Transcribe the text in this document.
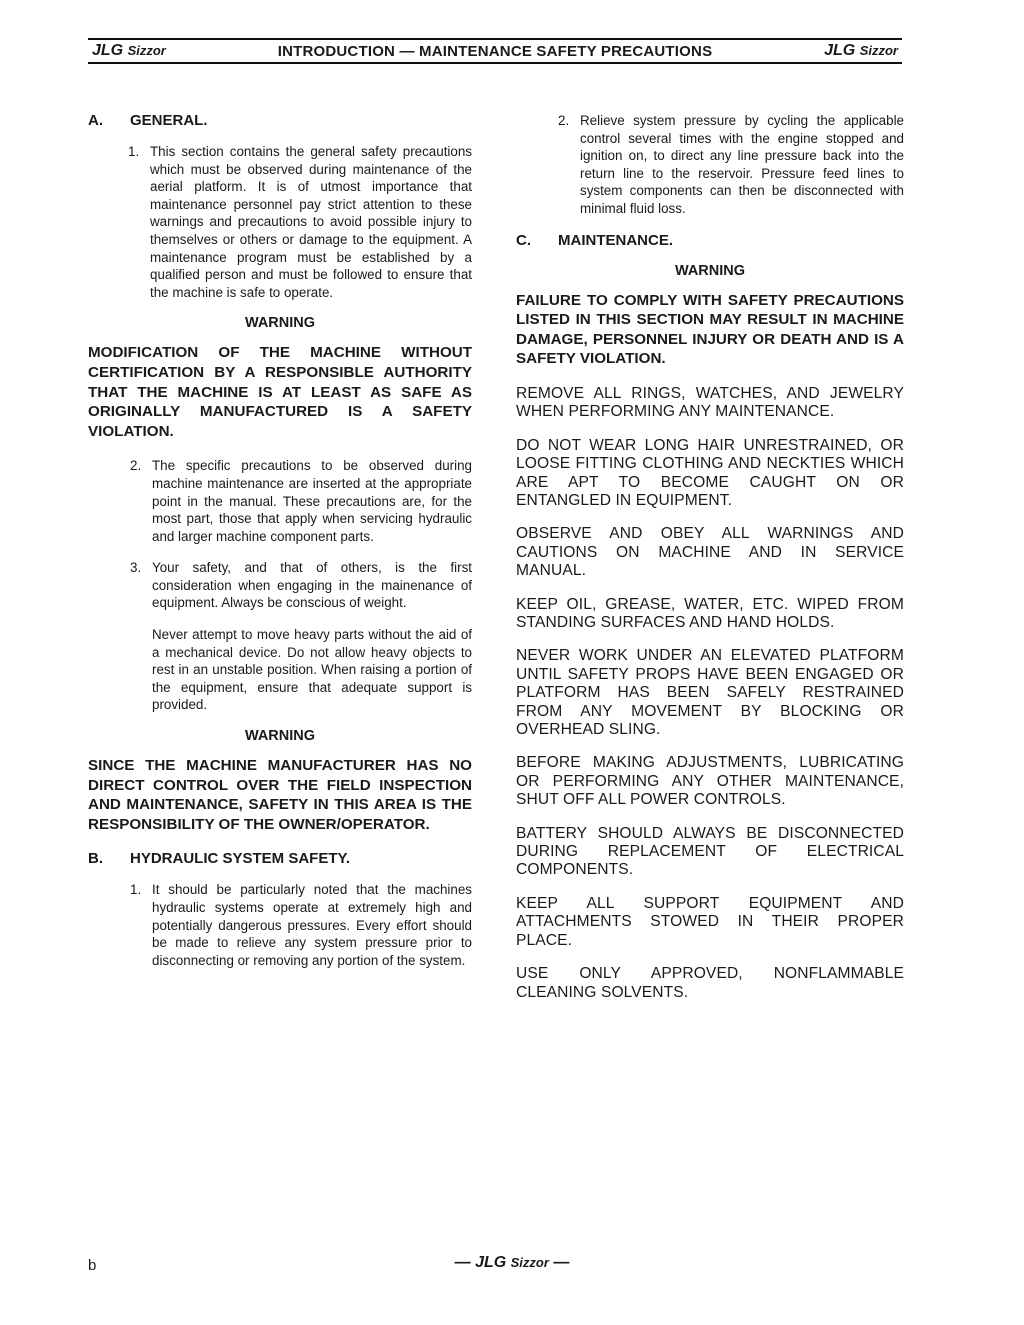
JLG Sizzor	INTRODUCTION — MAINTENANCE SAFETY PRECAUTIONS	JLG Sizzor
A.	GENERAL.
1. This section contains the general safety precautions which must be observed during maintenance of the aerial platform. It is of utmost importance that maintenance personnel pay strict attention to these warnings and precautions to avoid possible injury to themselves or others or damage to the equipment. A maintenance program must be established by a qualified person and must be followed to ensure that the machine is safe to operate.
WARNING
MODIFICATION OF THE MACHINE WITHOUT CERTIFICATION BY A RESPONSIBLE AUTHORITY THAT THE MACHINE IS AT LEAST AS SAFE AS ORIGINALLY MANUFACTURED IS A SAFETY VIOLATION.
2. The specific precautions to be observed during machine maintenance are inserted at the appropriate point in the manual. These precautions are, for the most part, those that apply when servicing hydraulic and larger machine component parts.
3. Your safety, and that of others, is the first consideration when engaging in the mainenance of equipment. Always be conscious of weight.
Never attempt to move heavy parts without the aid of a mechanical device. Do not allow heavy objects to rest in an unstable position. When raising a portion of the equipment, ensure that adequate support is provided.
WARNING
SINCE THE MACHINE MANUFACTURER HAS NO DIRECT CONTROL OVER THE FIELD INSPECTION AND MAINTENANCE, SAFETY IN THIS AREA IS THE RESPONSIBILITY OF THE OWNER/OPERATOR.
B.	HYDRAULIC SYSTEM SAFETY.
1. It should be particularly noted that the machines hydraulic systems operate at extremely high and potentially dangerous pressures. Every effort should be made to relieve any system pressure prior to disconnecting or removing any portion of the system.
2. Relieve system pressure by cycling the applicable control several times with the engine stopped and ignition on, to direct any line pressure back into the return line to the reservoir. Pressure feed lines to system components can then be disconnected with minimal fluid loss.
C.	MAINTENANCE.
WARNING
FAILURE TO COMPLY WITH SAFETY PRECAUTIONS LISTED IN THIS SECTION MAY RESULT IN MACHINE DAMAGE, PERSONNEL INJURY OR DEATH AND IS A SAFETY VIOLATION.
REMOVE ALL RINGS, WATCHES, AND JEWELRY WHEN PERFORMING ANY MAINTENANCE.
DO NOT WEAR LONG HAIR UNRESTRAINED, OR LOOSE FITTING CLOTHING AND NECKTIES WHICH ARE APT TO BECOME CAUGHT ON OR ENTANGLED IN EQUIPMENT.
OBSERVE AND OBEY ALL WARNINGS AND CAUTIONS ON MACHINE AND IN SERVICE MANUAL.
KEEP OIL, GREASE, WATER, ETC. WIPED FROM STANDING SURFACES AND HAND HOLDS.
NEVER WORK UNDER AN ELEVATED PLATFORM UNTIL SAFETY PROPS HAVE BEEN ENGAGED OR PLATFORM HAS BEEN SAFELY RESTRAINED FROM ANY MOVEMENT BY BLOCKING OR OVERHEAD SLING.
BEFORE MAKING ADJUSTMENTS, LUBRICATING OR PERFORMING ANY OTHER MAINTENANCE, SHUT OFF ALL POWER CONTROLS.
BATTERY SHOULD ALWAYS BE DISCONNECTED DURING REPLACEMENT OF ELECTRICAL COMPONENTS.
KEEP ALL SUPPORT EQUIPMENT AND ATTACHMENTS STOWED IN THEIR PROPER PLACE.
USE ONLY APPROVED, NONFLAMMABLE CLEANING SOLVENTS.
b	— JLG Sizzor —
